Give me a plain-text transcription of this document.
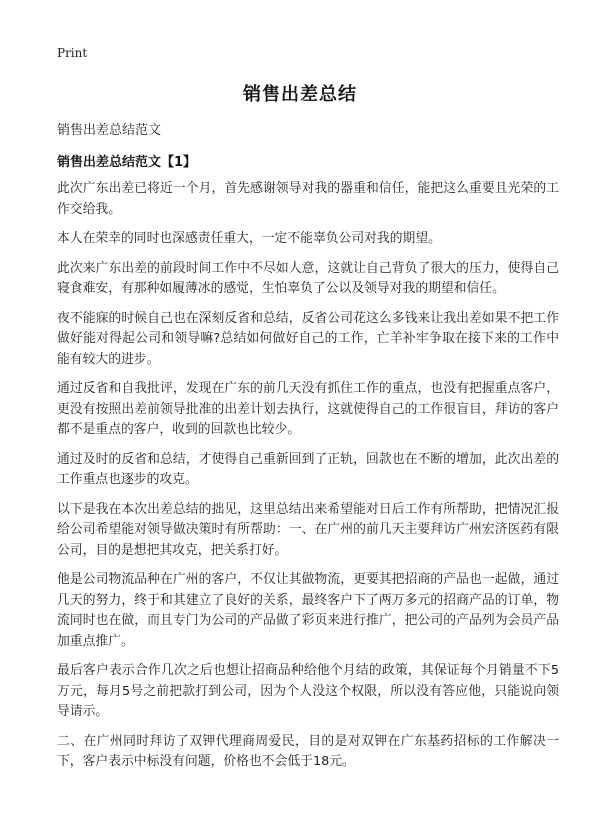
Print
销售出差总结
销售出差总结范文
销售出差总结范文【1】

此次广东出差已将近一个月，首先感谢领导对我的器重和信任，能把这么重要且光荣的工作交给我。

本人在荣幸的同时也深感责任重大，一定不能辜负公司对我的期望。

此次来广东出差的前段时间工作中不尽如人意，这就让自己背负了很大的压力，使得自己寝食难安，有那种如履薄冰的感觉，生怕辜负了公以及领导对我的期望和信任。

夜不能寐的时候自己也在深刻反省和总结，反省公司花这么多钱来让我出差如果不把工作做好能对得起公司和领导嘛?总结如何做好自己的工作，亡羊补牢争取在接下来的工作中能有较大的进步。

通过反省和自我批评，发现在广东的前几天没有抓住工作的重点，也没有把握重点客户，更没有按照出差前领导批准的出差计划去执行，这就使得自己的工作很盲目，拜访的客户都不是重点的客户，收到的回款也比较少。

通过及时的反省和总结，才使得自己重新回到了正轨，回款也在不断的增加，此次出差的工作重点也逐步的攻克。

以下是我在本次出差总结的拙见，这里总结出来希望能对日后工作有所帮助，把情况汇报给公司希望能对领导做决策时有所帮助：一、在广州的前几天主要拜访广州宏济医药有限公司，目的是想把其攻克，把关系打好。

他是公司物流品种在广州的客户，不仅让其做物流，更要其把招商的产品也一起做，通过几天的努力，终于和其建立了良好的关系，最终客户下了两万多元的招商产品的订单，物流同时也在做，而且专门为公司的产品做了彩页来进行推广，把公司的产品列为会员产品加重点推广。

最后客户表示合作几次之后也想让招商品种给他个月结的政策，其保证每个月销量不下5万元，每月5号之前把款打到公司，因为个人没这个权限，所以没有答应他，只能说向领导请示。

二、在广州同时拜访了双钾代理商周爱民，目的是对双钾在广东基药招标的工作解决一下，客户表示中标没有问题，价格也不会低于18元。
